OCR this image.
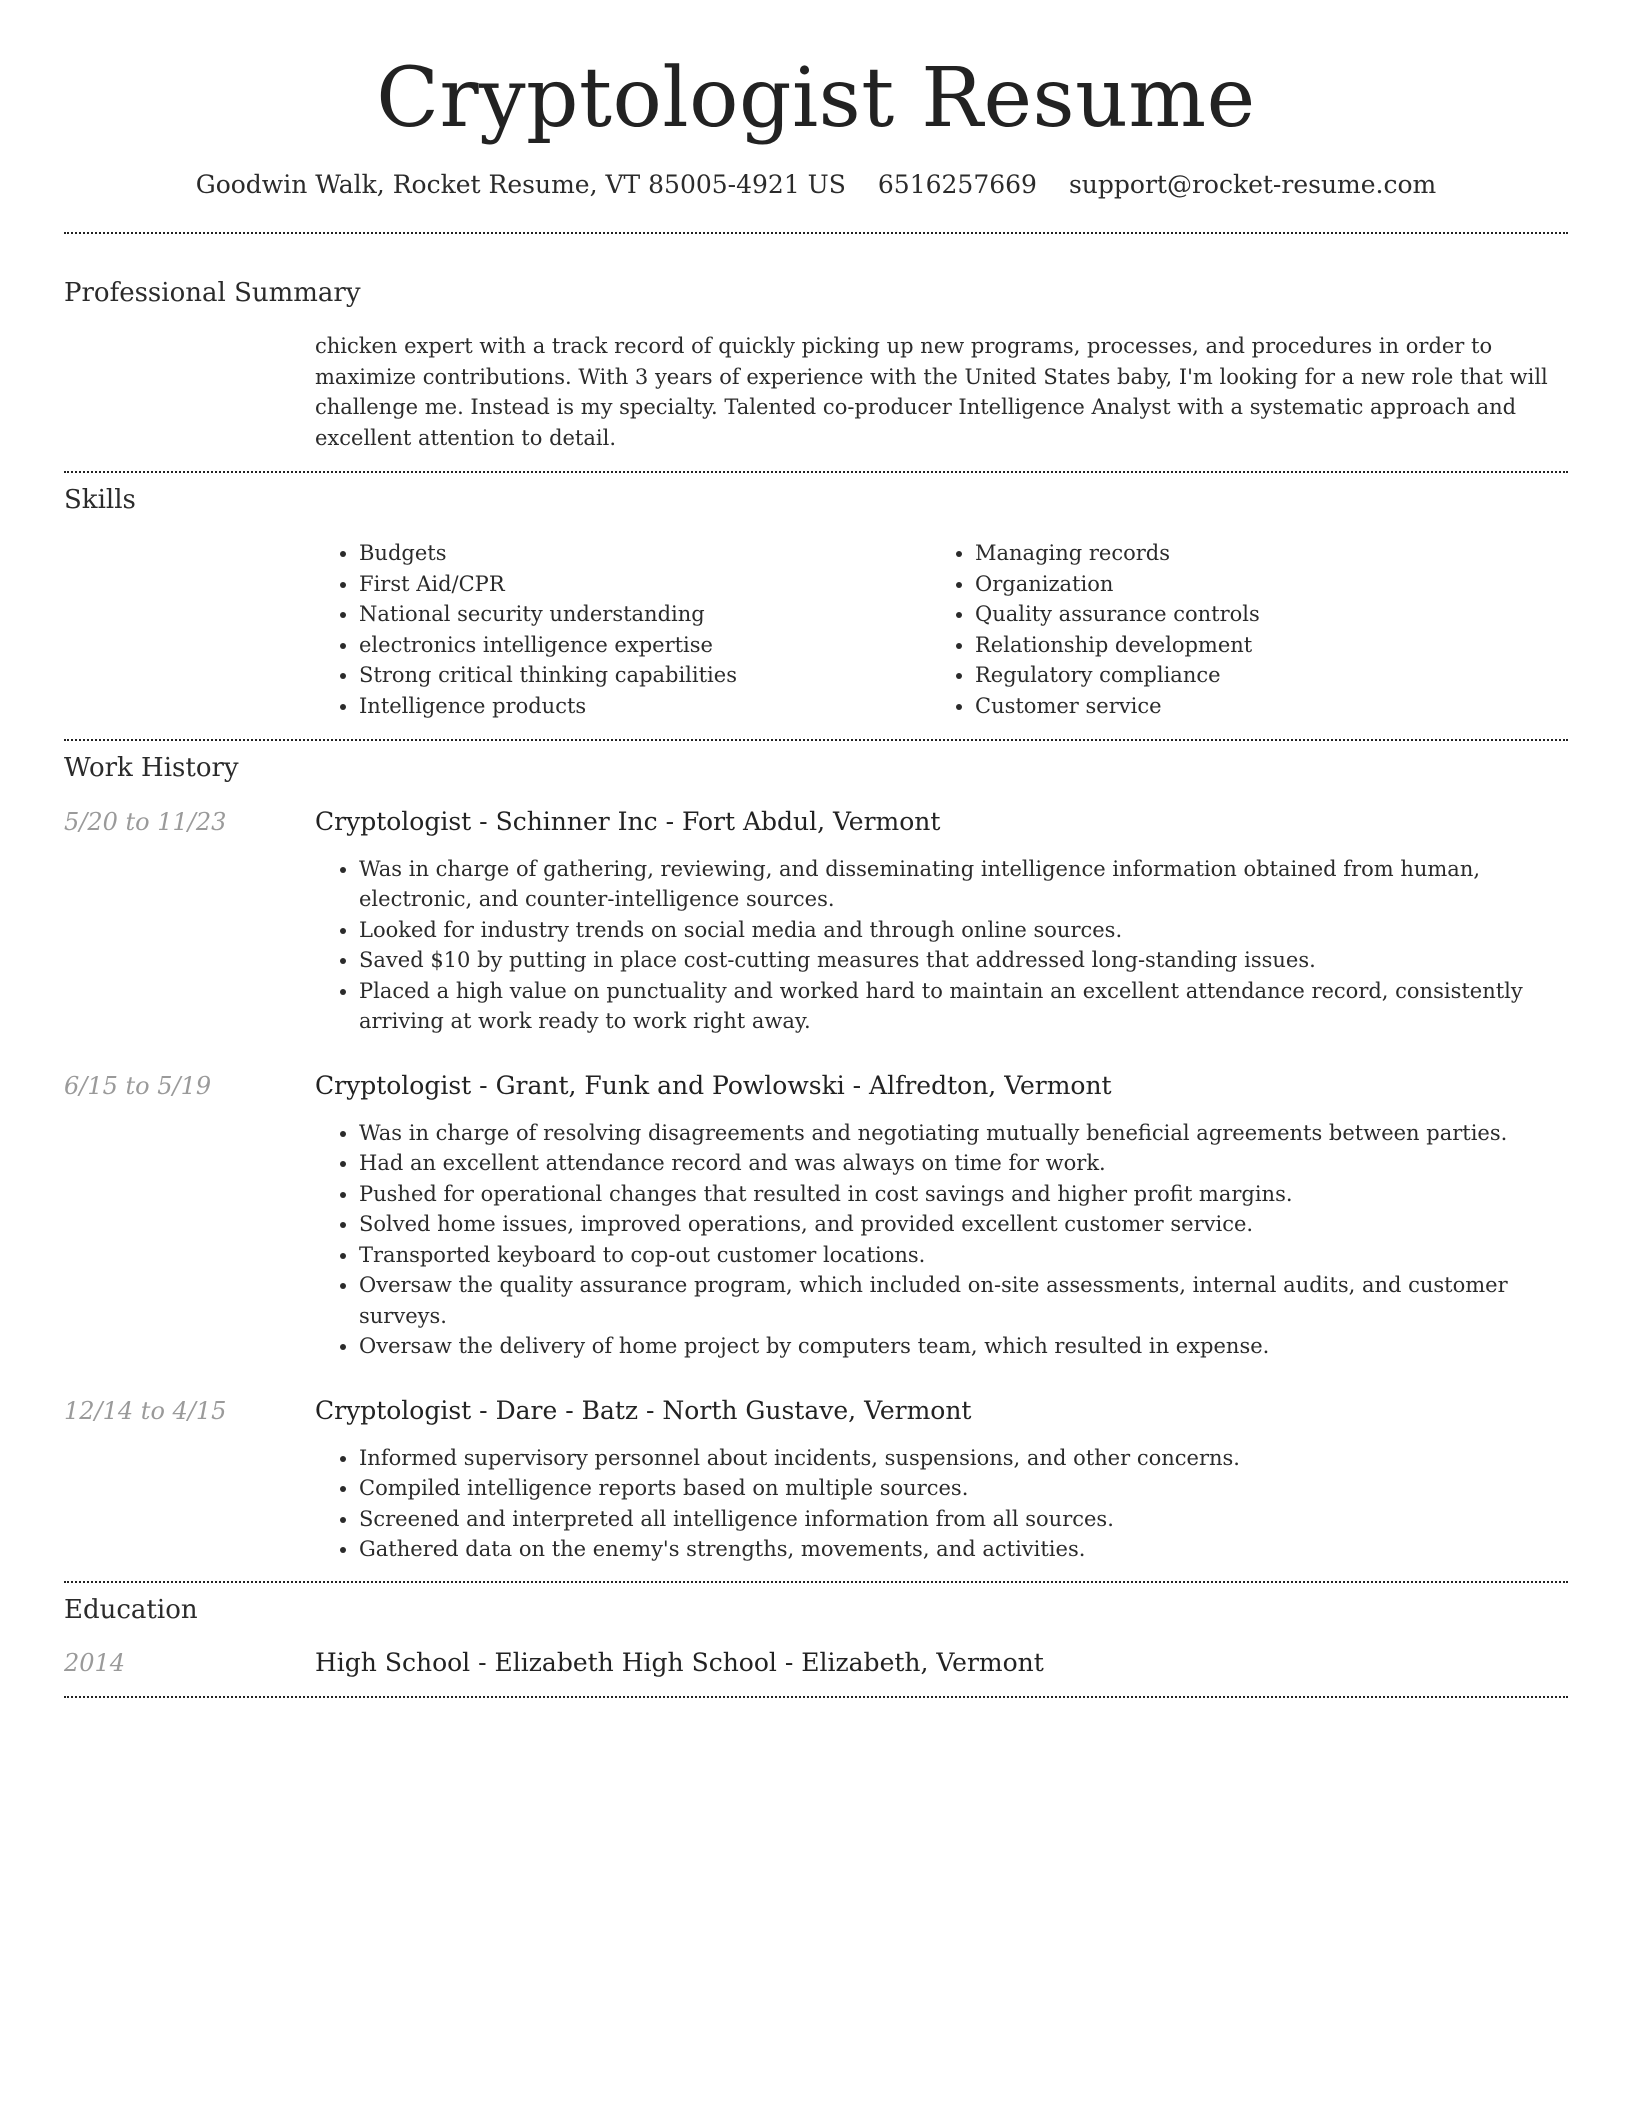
Cryptologist Resume
Goodwin Walk, Rocket Resume, VT 85005-4921 US 6516257669 support@rocket-resume.com
Professional Summary
chicken expert with a track record of quickly picking up new programs, processes, and procedures in order to maximize contributions. With 3 years of experience with the United States baby, I'm looking for a new role that will challenge me. Instead is my specialty. Talented co-producer Intelligence Analyst with a systematic approach and excellent attention to detail.
Skills
• Budgets
• First Aid/CPR
• National security understanding
• electronics intelligence expertise
• Strong critical thinking capabilities
• Intelligence products
• Managing records
• Organization
• Quality assurance controls
• Relationship development
• Regulatory compliance
• Customer service
Work History
5/20 to 11/23	Cryptologist - Schinner Inc - Fort Abdul, Vermont
• Was in charge of gathering, reviewing, and disseminating intelligence information obtained from human, electronic, and counter-intelligence sources.
• Looked for industry trends on social media and through online sources.
• Saved $10 by putting in place cost-cutting measures that addressed long-standing issues.
• Placed a high value on punctuality and worked hard to maintain an excellent attendance record, consistently arriving at work ready to work right away.
6/15 to 5/19	Cryptologist - Grant, Funk and Powlowski - Alfredton, Vermont
• Was in charge of resolving disagreements and negotiating mutually beneficial agreements between parties.
• Had an excellent attendance record and was always on time for work.
• Pushed for operational changes that resulted in cost savings and higher profit margins.
• Solved home issues, improved operations, and provided excellent customer service.
• Transported keyboard to cop-out customer locations.
• Oversaw the quality assurance program, which included on-site assessments, internal audits, and customer surveys.
• Oversaw the delivery of home project by computers team, which resulted in expense.
12/14 to 4/15	Cryptologist - Dare - Batz - North Gustave, Vermont
• Informed supervisory personnel about incidents, suspensions, and other concerns.
• Compiled intelligence reports based on multiple sources.
• Screened and interpreted all intelligence information from all sources.
• Gathered data on the enemy's strengths, movements, and activities.
Education
2014	High School - Elizabeth High School - Elizabeth, Vermont
